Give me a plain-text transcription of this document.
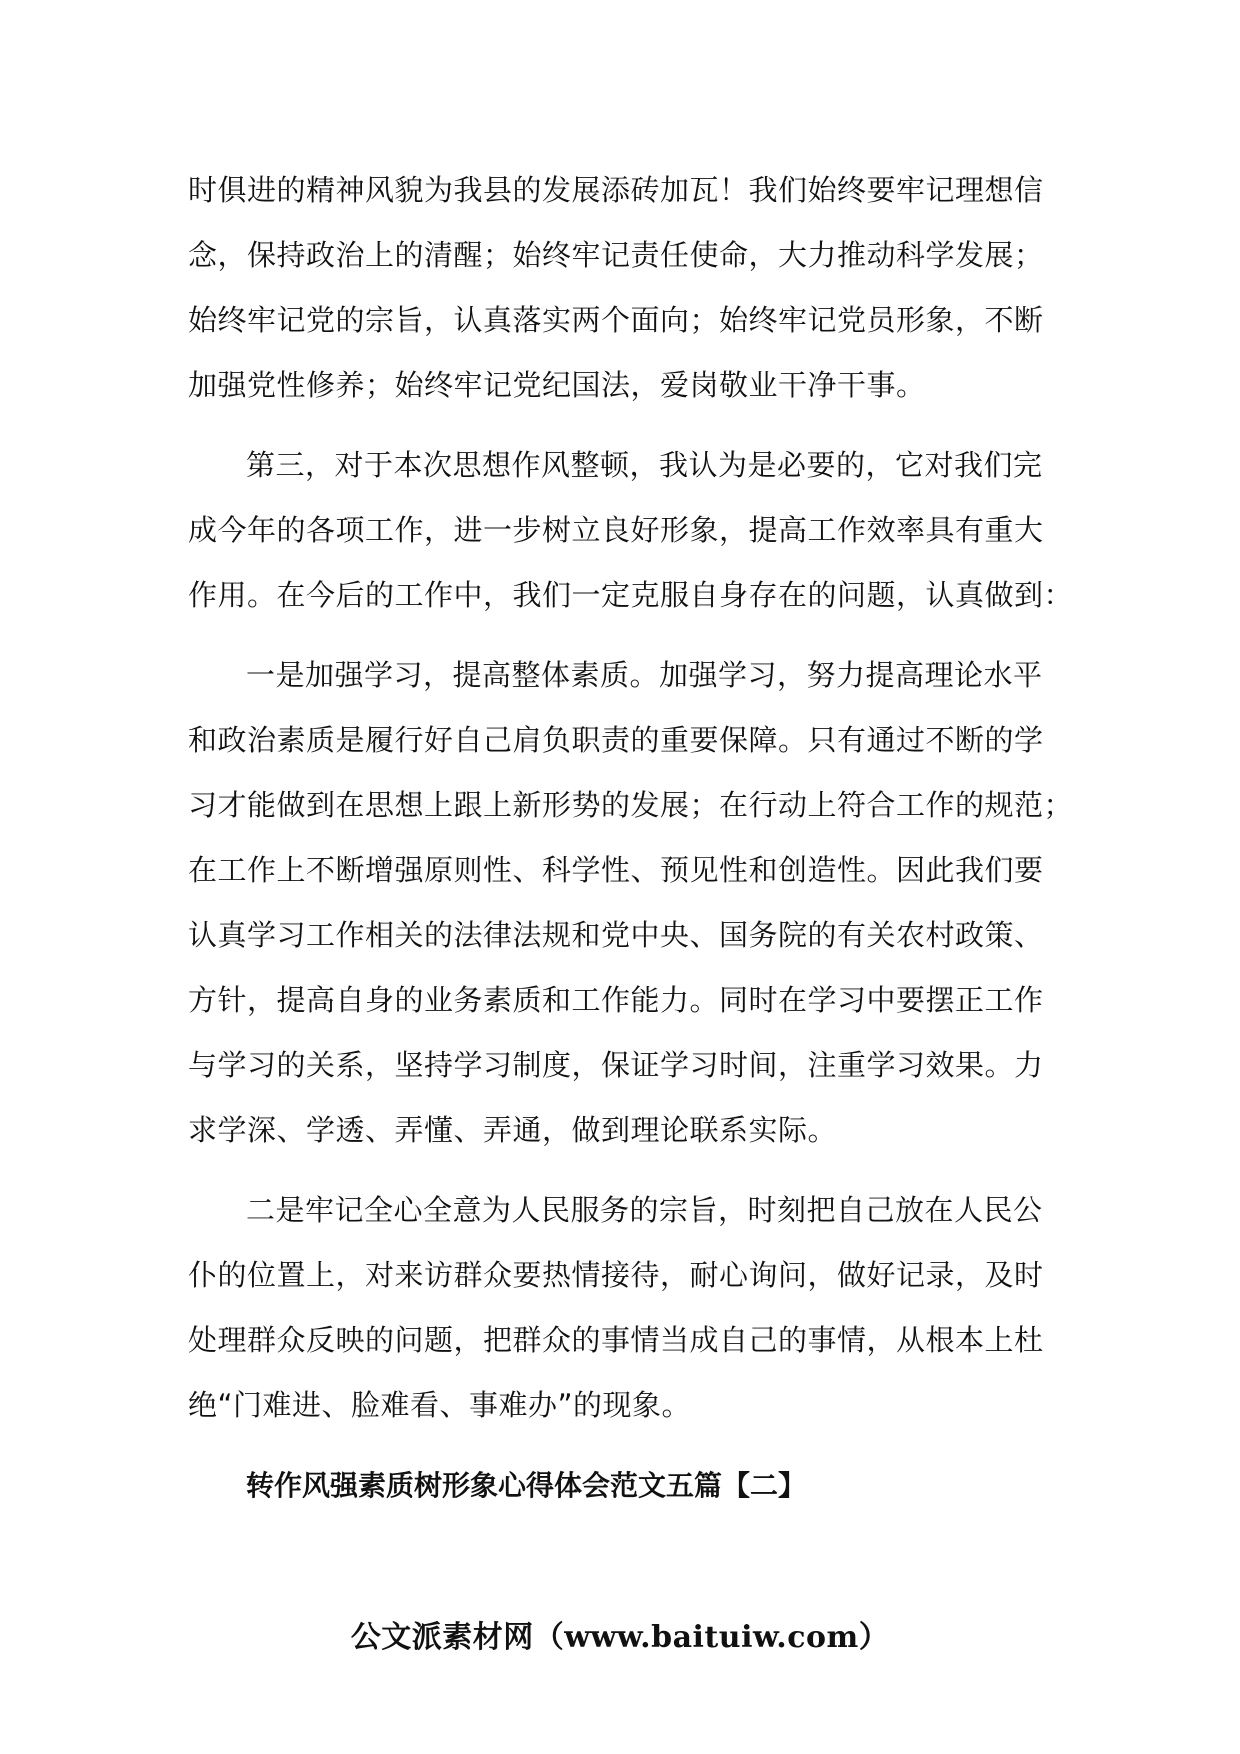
时俱进的精神风貌为我县的发展添砖加瓦！我们始终要牢记理想信
念，保持政治上的清醒；始终牢记责任使命，大力推动科学发展；
始终牢记党的宗旨，认真落实两个面向；始终牢记党员形象，不断
加强党性修养；始终牢记党纪国法，爱岗敬业干净干事。

第三，对于本次思想作风整顿，我认为是必要的，它对我们完
成今年的各项工作，进一步树立良好形象，提高工作效率具有重大
作用。在今后的工作中，我们一定克服自身存在的问题，认真做到：

一是加强学习，提高整体素质。加强学习，努力提高理论水平
和政治素质是履行好自己肩负职责的重要保障。只有通过不断的学
习才能做到在思想上跟上新形势的发展；在行动上符合工作的规范；
在工作上不断增强原则性、科学性、预见性和创造性。因此我们要
认真学习工作相关的法律法规和党中央、国务院的有关农村政策、
方针，提高自身的业务素质和工作能力。同时在学习中要摆正工作
与学习的关系，坚持学习制度，保证学习时间，注重学习效果。力
求学深、学透、弄懂、弄通，做到理论联系实际。

二是牢记全心全意为人民服务的宗旨，时刻把自己放在人民公
仆的位置上，对来访群众要热情接待，耐心询问，做好记录，及时
处理群众反映的问题，把群众的事情当成自己的事情，从根本上杜
绝“门难进、脸难看、事难办”的现象。

转作风强素质树形象心得体会范文五篇【二】
公文派素材网（www.baituiw.com）
